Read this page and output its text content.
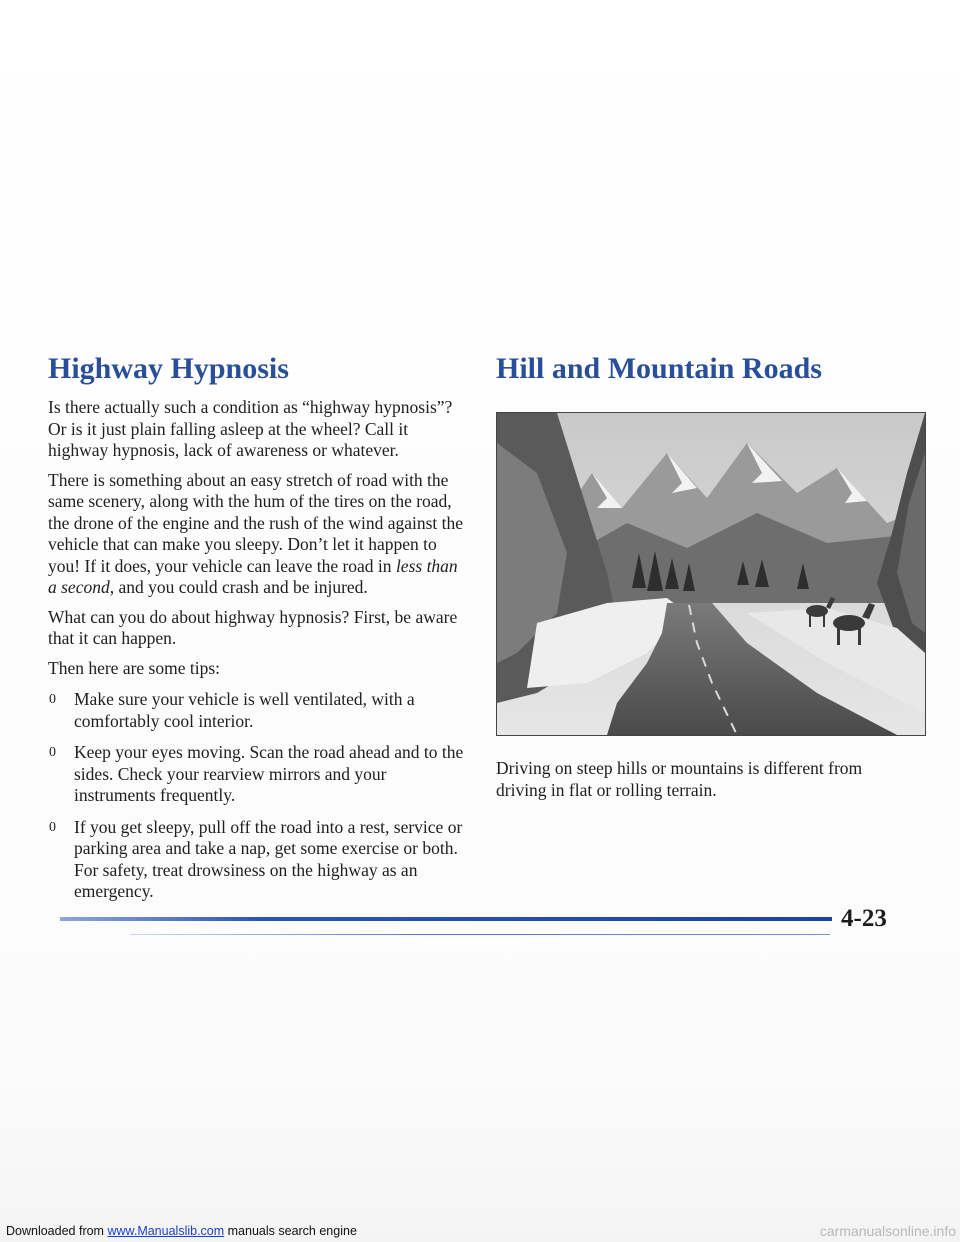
Highway Hypnosis

Is there actually such a condition as “highway hypnosis”? Or is it just plain falling asleep at the wheel? Call it highway hypnosis, lack of awareness or whatever.

There is something about an easy stretch of road with the same scenery, along with the hum of the tires on the road, the drone of the engine and the rush of the wind against the vehicle that can make you sleepy. Don’t let it happen to you! If it does, your vehicle can leave the road in less than a second, and you could crash and be injured.

What can you do about highway hypnosis? First, be aware that it can happen.

Then here are some tips:

0 Make sure your vehicle is well ventilated, with a comfortably cool interior.
0 Keep your eyes moving. Scan the road ahead and to the sides. Check your rearview mirrors and your instruments frequently.
0 If you get sleepy, pull off the road into a rest, service or parking area and take a nap, get some exercise or both. For safety, treat drowsiness on the highway as an emergency.
Hill and Mountain Roads

Driving on steep hills or mountains is different from driving in flat or rolling terrain.

4-23
Downloaded from www.Manualslib.com manuals search engine	carmanualsonline.info
